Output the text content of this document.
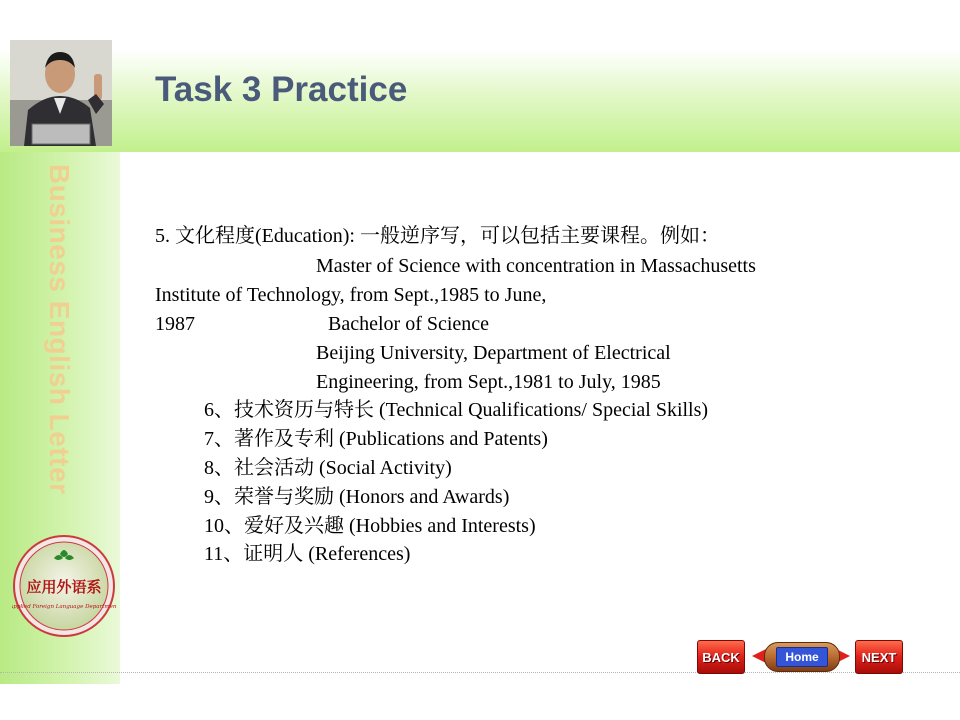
Task 3 Practice
Business English Letter
应用外语系
Applied Foreign Language Department

5. 文化程度(Education): 一般逆序写，可以包括主要课程。例如：

Master of Science with concentration in Massachusetts

Institute of Technology, from Sept.,1985 to June,

1987	Bachelor of Science

Beijing University, Department of Electrical

Engineering, from Sept.,1981 to July, 1985

6、技术资历与特长 (Technical Qualifications/ Special Skills)

7、著作及专利 (Publications and Patents)

8、社会活动 (Social Activity)

9、荣誉与奖励 (Honors and Awards)

10、爱好及兴趣 (Hobbies and Interests)

11、证明人 (References)

BACK	Home	NEXT
